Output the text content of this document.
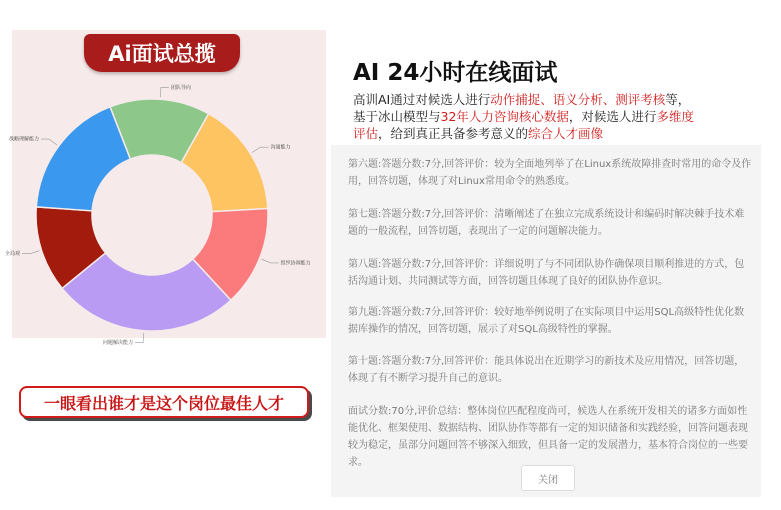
团队导向
沟通能力
组织协调能力
问题解决能力
全局观
战略理解能力
Ai面试总揽
一眼看出谁才是这个岗位最佳人才
AI 24小时在线面试
高训AI通过对候选人进行动作捕捉、语义分析、测评考核等，基于冰山模型与32年人力咨询核心数据，对候选人进行多维度评估，给到真正具备参考意义的综合人才画像
第六题:答题分数:7分,回答评价：较为全面地列举了在Linux系统故障排查时常用的命令及作用，回答切题，体现了对Linux常用命令的熟悉度。
第七题:答题分数:7分,回答评价：清晰阐述了在独立完成系统设计和编码时解决棘手技术难题的一般流程，回答切题，表现出了一定的问题解决能力。
第八题:答题分数:7分,回答评价：详细说明了与不同团队协作确保项目顺利推进的方式，包括沟通计划、共同测试等方面，回答切题且体现了良好的团队协作意识。
第九题:答题分数:7分,回答评价：较好地举例说明了在实际项目中运用SQL高级特性优化数据库操作的情况，回答切题，展示了对SQL高级特性的掌握。
第十题:答题分数:7分,回答评价：能具体说出在近期学习的新技术及应用情况，回答切题，体现了有不断学习提升自己的意识。
面试分数:70分,评价总结：整体岗位匹配程度尚可，候选人在系统开发相关的诸多方面如性能优化、框架使用、数据结构、团队协作等都有一定的知识储备和实践经验，回答问题表现较为稳定，虽部分问题回答不够深入细致，但具备一定的发展潜力，基本符合岗位的一些要求。
关闭
